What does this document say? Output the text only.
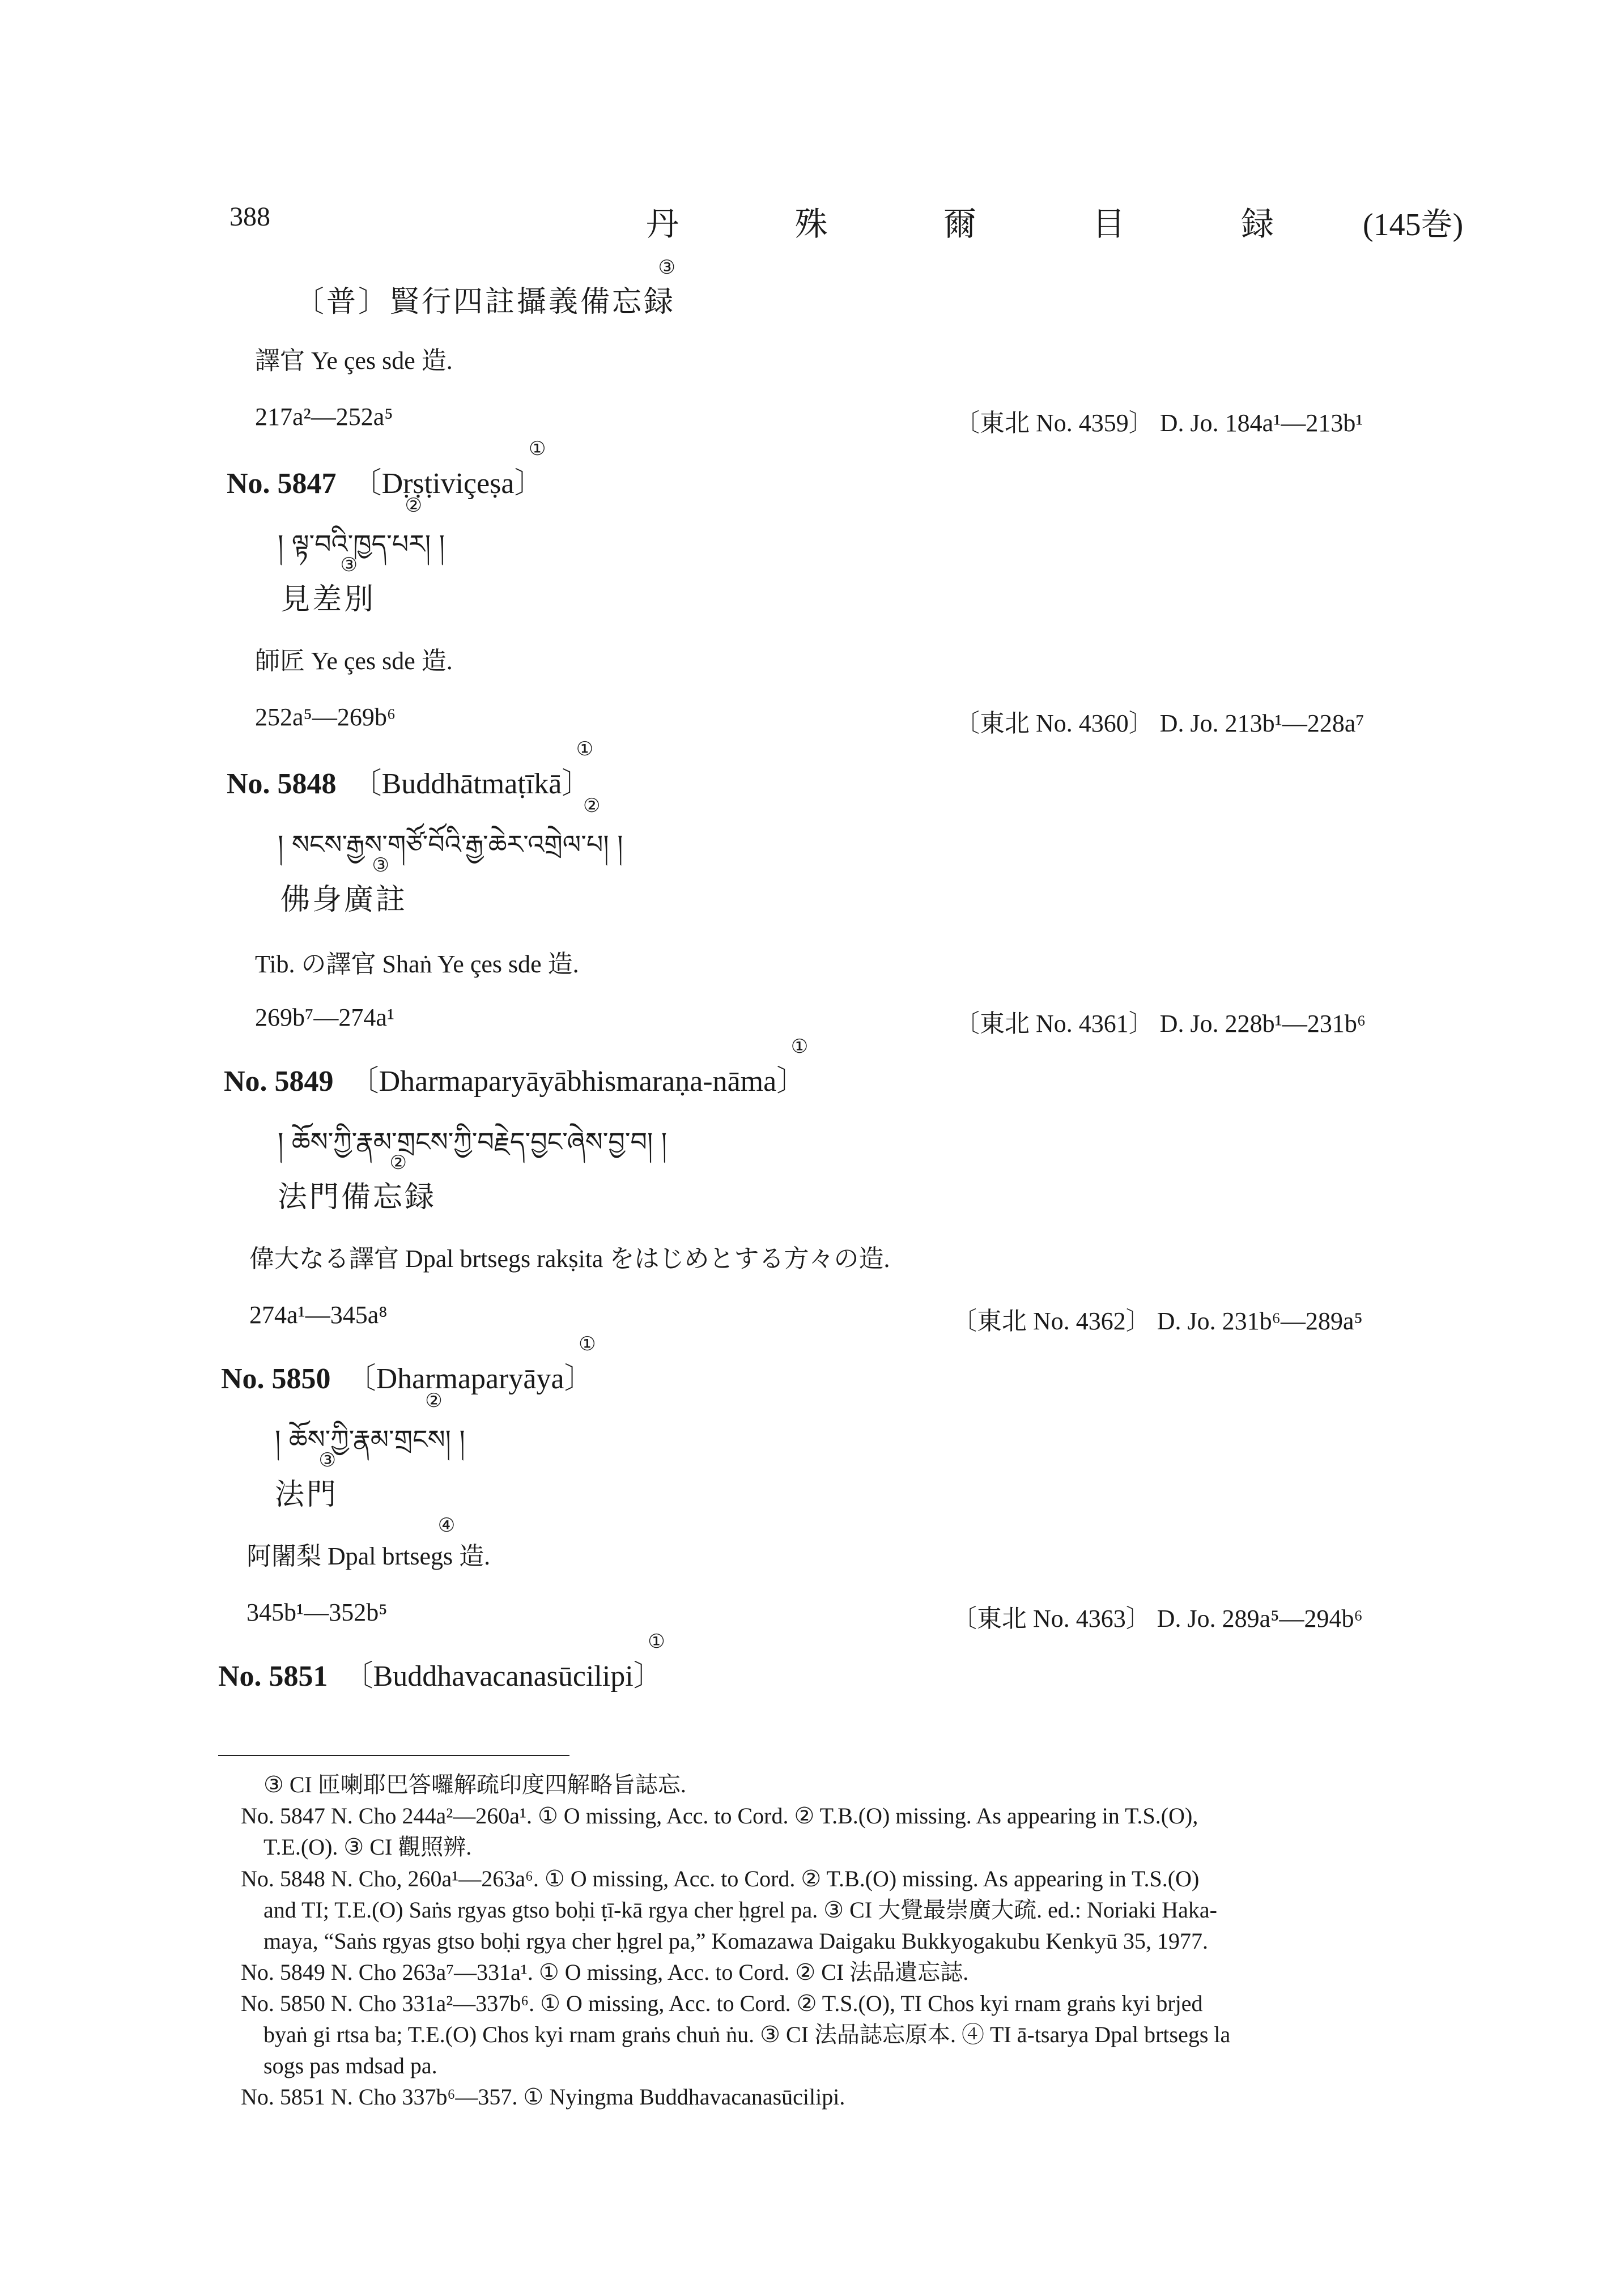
388	丹 殊 爾 目 録 (145巻)
〔普〕賢行四註攝義備忘録
③
譯官 Ye çes sde 造.
217a²—252a⁵	〔東北 No. 4359〕 D. Jo. 184a¹—213b¹
No. 5847 〔Dṛṣṭiviçeṣa〕
①
། ལྟ་བའི་ཁྱད་པར། །
②
見差別
③
師匠 Ye çes sde 造.
252a⁵—269b⁶	〔東北 No. 4360〕 D. Jo. 213b¹—228a⁷
No. 5848 〔Buddhātmaṭīkā〕
①
། སངས་རྒྱས་གཙོ་བོའི་རྒྱ་ཆེར་འགྲེལ་པ། །
②
佛身廣註
③
Tib. の譯官 Shaṅ Ye çes sde 造.
269b⁷—274a¹	〔東北 No. 4361〕 D. Jo. 228b¹—231b⁶
No. 5849 〔Dharmaparyāyābhismaraṇa-nāma〕
①
། ཆོས་ཀྱི་རྣམ་གྲངས་ཀྱི་བརྗེད་བྱང་ཞེས་བྱ་བ། །
法門備忘録
②
偉大なる譯官 Dpal brtsegs rakṣita をはじめとする方々の造.
274a¹—345a⁸	〔東北 No. 4362〕 D. Jo. 231b⁶—289a⁵
No. 5850 〔Dharmaparyāya〕
①
། ཆོས་ཀྱི་རྣམ་གྲངས། །
②
法門
③
阿闍梨 Dpal brtsegs 造.
④
345b¹—352b⁵	〔東北 No. 4363〕 D. Jo. 289a⁵—294b⁶
No. 5851 〔Buddhavacanasūcilipi〕
①
③ CI 匝喇耶巴答囉解疏印度四解略旨誌忘.
No. 5847 N. Cho 244a²—260a¹. ① O missing, Acc. to Cord. ② T.B.(O) missing. As appearing in T.S.(O),
T.E.(O). ③ CI 觀照辨.
No. 5848 N. Cho, 260a¹—263a⁶. ① O missing, Acc. to Cord. ② T.B.(O) missing. As appearing in T.S.(O)
and TI; T.E.(O) Saṅs rgyas gtso boḥi ṭī-kā rgya cher ḥgrel pa. ③ CI 大覺最崇廣大疏. ed.: Noriaki Haka-
maya, “Saṅs rgyas gtso boḥi rgya cher ḥgrel pa,” Komazawa Daigaku Bukkyogakubu Kenkyū 35, 1977.
No. 5849 N. Cho 263a⁷—331a¹. ① O missing, Acc. to Cord. ② CI 法品遺忘誌.
No. 5850 N. Cho 331a²—337b⁶. ① O missing, Acc. to Cord. ② T.S.(O), TI Chos kyi rnam graṅs kyi brjed
byaṅ gi rtsa ba; T.E.(O) Chos kyi rnam graṅs chuṅ ṅu. ③ CI 法品誌忘原本. ④ TI ā-tsarya Dpal brtsegs la
sogs pas mdsad pa.
No. 5851 N. Cho 337b⁶—357. ① Nyingma Buddhavacanasūcilipi.
